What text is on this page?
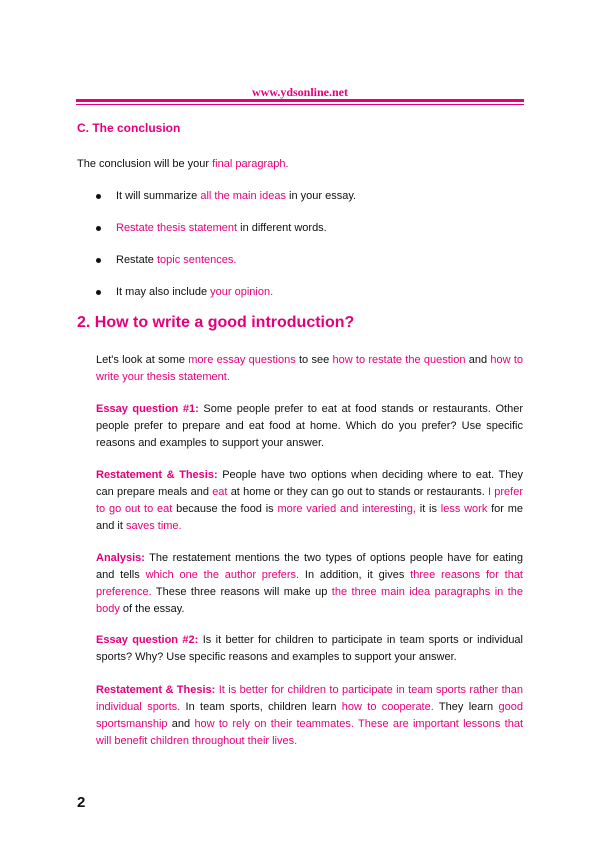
www.ydsonline.net
C. The conclusion
The conclusion will be your final paragraph.
It will summarize all the main ideas in your essay.
Restate thesis statement in different words.
Restate topic sentences.
It may also include your opinion.
2. How to write a good introduction?

Let's look at some more essay questions to see how to restate the question and how to write your thesis statement.

Essay question #1: Some people prefer to eat at food stands or restaurants. Other people prefer to prepare and eat food at home. Which do you prefer? Use specific reasons and examples to support your answer.

Restatement & Thesis: People have two options when deciding where to eat. They can prepare meals and eat at home or they can go out to stands or restaurants. I prefer to go out to eat because the food is more varied and interesting, it is less work for me and it saves time.

Analysis: The restatement mentions the two types of options people have for eating and tells which one the author prefers. In addition, it gives three reasons for that preference. These three reasons will make up the three main idea paragraphs in the body of the essay.

Essay question #2: Is it better for children to participate in team sports or individual sports? Why? Use specific reasons and examples to support your answer.

Restatement & Thesis: It is better for children to participate in team sports rather than individual sports. In team sports, children learn how to cooperate. They learn good sportsmanship and how to rely on their teammates. These are important lessons that will benefit children throughout their lives.

2
